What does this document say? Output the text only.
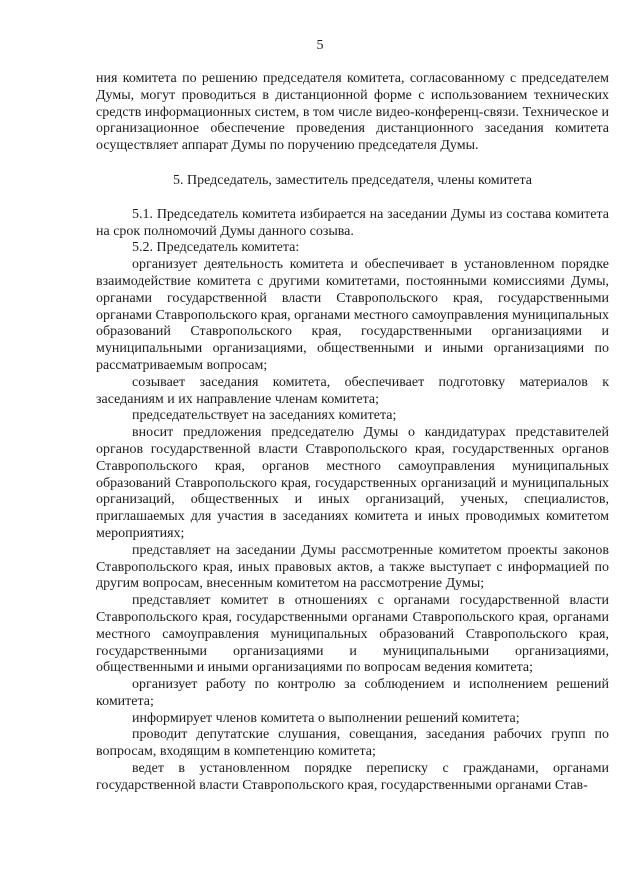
5

ния комитета по решению председателя комитета, согласованному с председателем Думы, могут проводиться в дистанционной форме с использованием технических средств информационных систем, в том числе видео-конференц-связи. Техническое и организационное обеспечение проведения дистанционного заседания комитета осуществляет аппарат Думы по поручению председателя Думы.

5. Председатель, заместитель председателя, члены комитета

5.1. Председатель комитета избирается на заседании Думы из состава комитета на срок полномочий Думы данного созыва.

5.2. Председатель комитета:

организует деятельность комитета и обеспечивает в установленном порядке взаимодействие комитета с другими комитетами, постоянными комиссиями Думы, органами государственной власти Ставропольского края, государственными органами Ставропольского края, органами местного самоуправления муниципальных образований Ставропольского края, государственными организациями и муниципальными организациями, общественными и иными организациями по рассматриваемым вопросам;

созывает заседания комитета, обеспечивает подготовку материалов к заседаниям и их направление членам комитета;

председательствует на заседаниях комитета;

вносит предложения председателю Думы о кандидатурах представителей органов государственной власти Ставропольского края, государственных органов Ставропольского края, органов местного самоуправления муниципальных образований Ставропольского края, государственных организаций и муниципальных организаций, общественных и иных организаций, ученых, специалистов, приглашаемых для участия в заседаниях комитета и иных проводимых комитетом мероприятиях;

представляет на заседании Думы рассмотренные комитетом проекты законов Ставропольского края, иных правовых актов, а также выступает с информацией по другим вопросам, внесенным комитетом на рассмотрение Думы;

представляет комитет в отношениях с органами государственной власти Ставропольского края, государственными органами Ставропольского края, органами местного самоуправления муниципальных образований Ставропольского края, государственными организациями и муниципальными организациями, общественными и иными организациями по вопросам ведения комитета;

организует работу по контролю за соблюдением и исполнением решений комитета;

информирует членов комитета о выполнении решений комитета;

проводит депутатские слушания, совещания, заседания рабочих групп по вопросам, входящим в компетенцию комитета;

ведет в установленном порядке переписку с гражданами, органами государственной власти Ставропольского края, государственными органами Став-
